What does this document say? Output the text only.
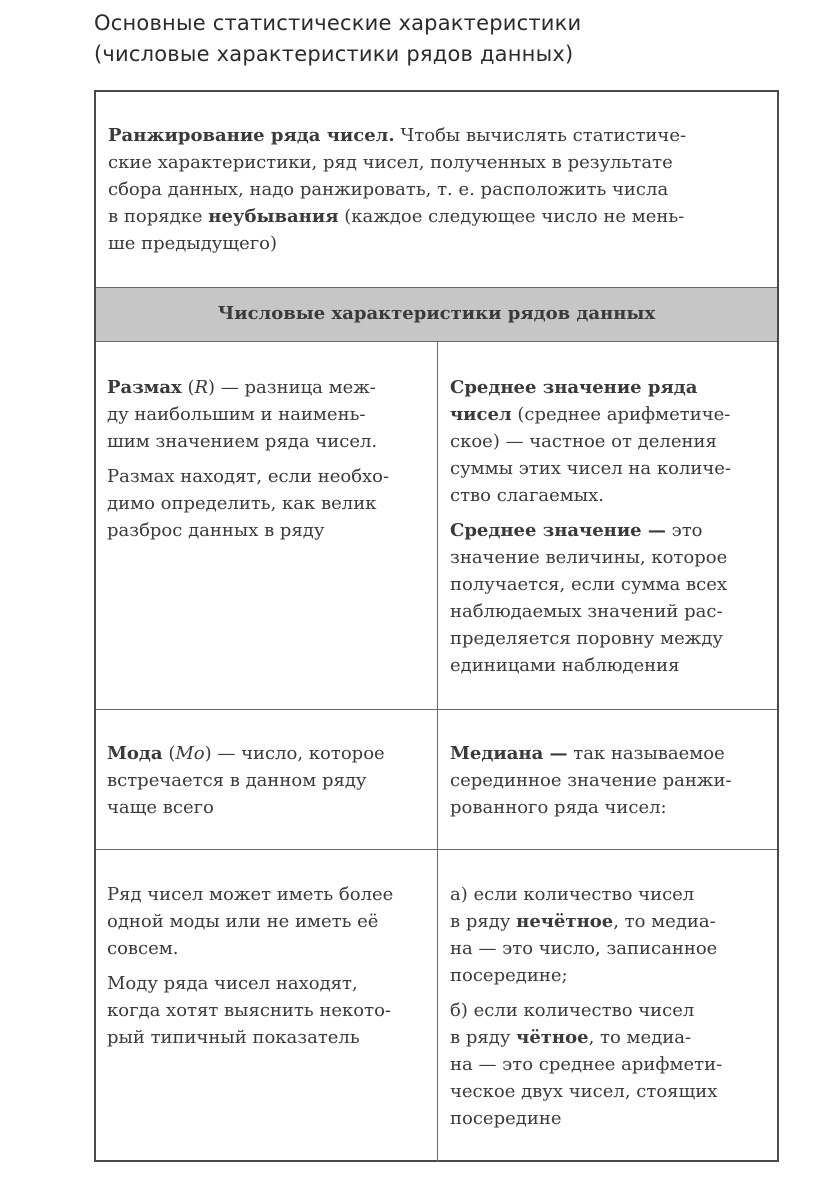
Основные статистические характеристики
(числовые характеристики рядов данных)
Ранжирование ряда чисел. Чтобы вычислять статистиче-
ские характеристики, ряд чисел, полученных в результате
сбора данных, надо ранжировать, т. е. расположить числа
в порядке неубывания (каждое следующее число не мень-
ше предыдущего)
Числовые характеристики рядов данных

Размах (R) — разница меж-
ду наибольшим и наимень-
шим значением ряда чисел.

Размах находят, если необхо-
димо определить, как велик
разброс данных в ряду

Среднее значение ряда
чисел (среднее арифметиче-
ское) — частное от деления
суммы этих чисел на количе-
ство слагаемых.

Среднее значение — это
значение величины, которое
получается, если сумма всех
наблюдаемых значений рас-
пределяется поровну между
единицами наблюдения

Мода (Mo) — число, которое
встречается в данном ряду
чаще всего
Медиана — так называемое
серединное значение ранжи-
рованного ряда чисел:

Ряд чисел может иметь более
одной моды или не иметь её
совсем.

Моду ряда чисел находят,
когда хотят выяснить некото-
рый типичный показатель

а) если количество чисел
в ряду нечётное, то медиа-
на — это число, записанное
посередине;

б) если количество чисел
в ряду чётное, то медиа-
на — это среднее арифмети-
ческое двух чисел, стоящих
посередине
